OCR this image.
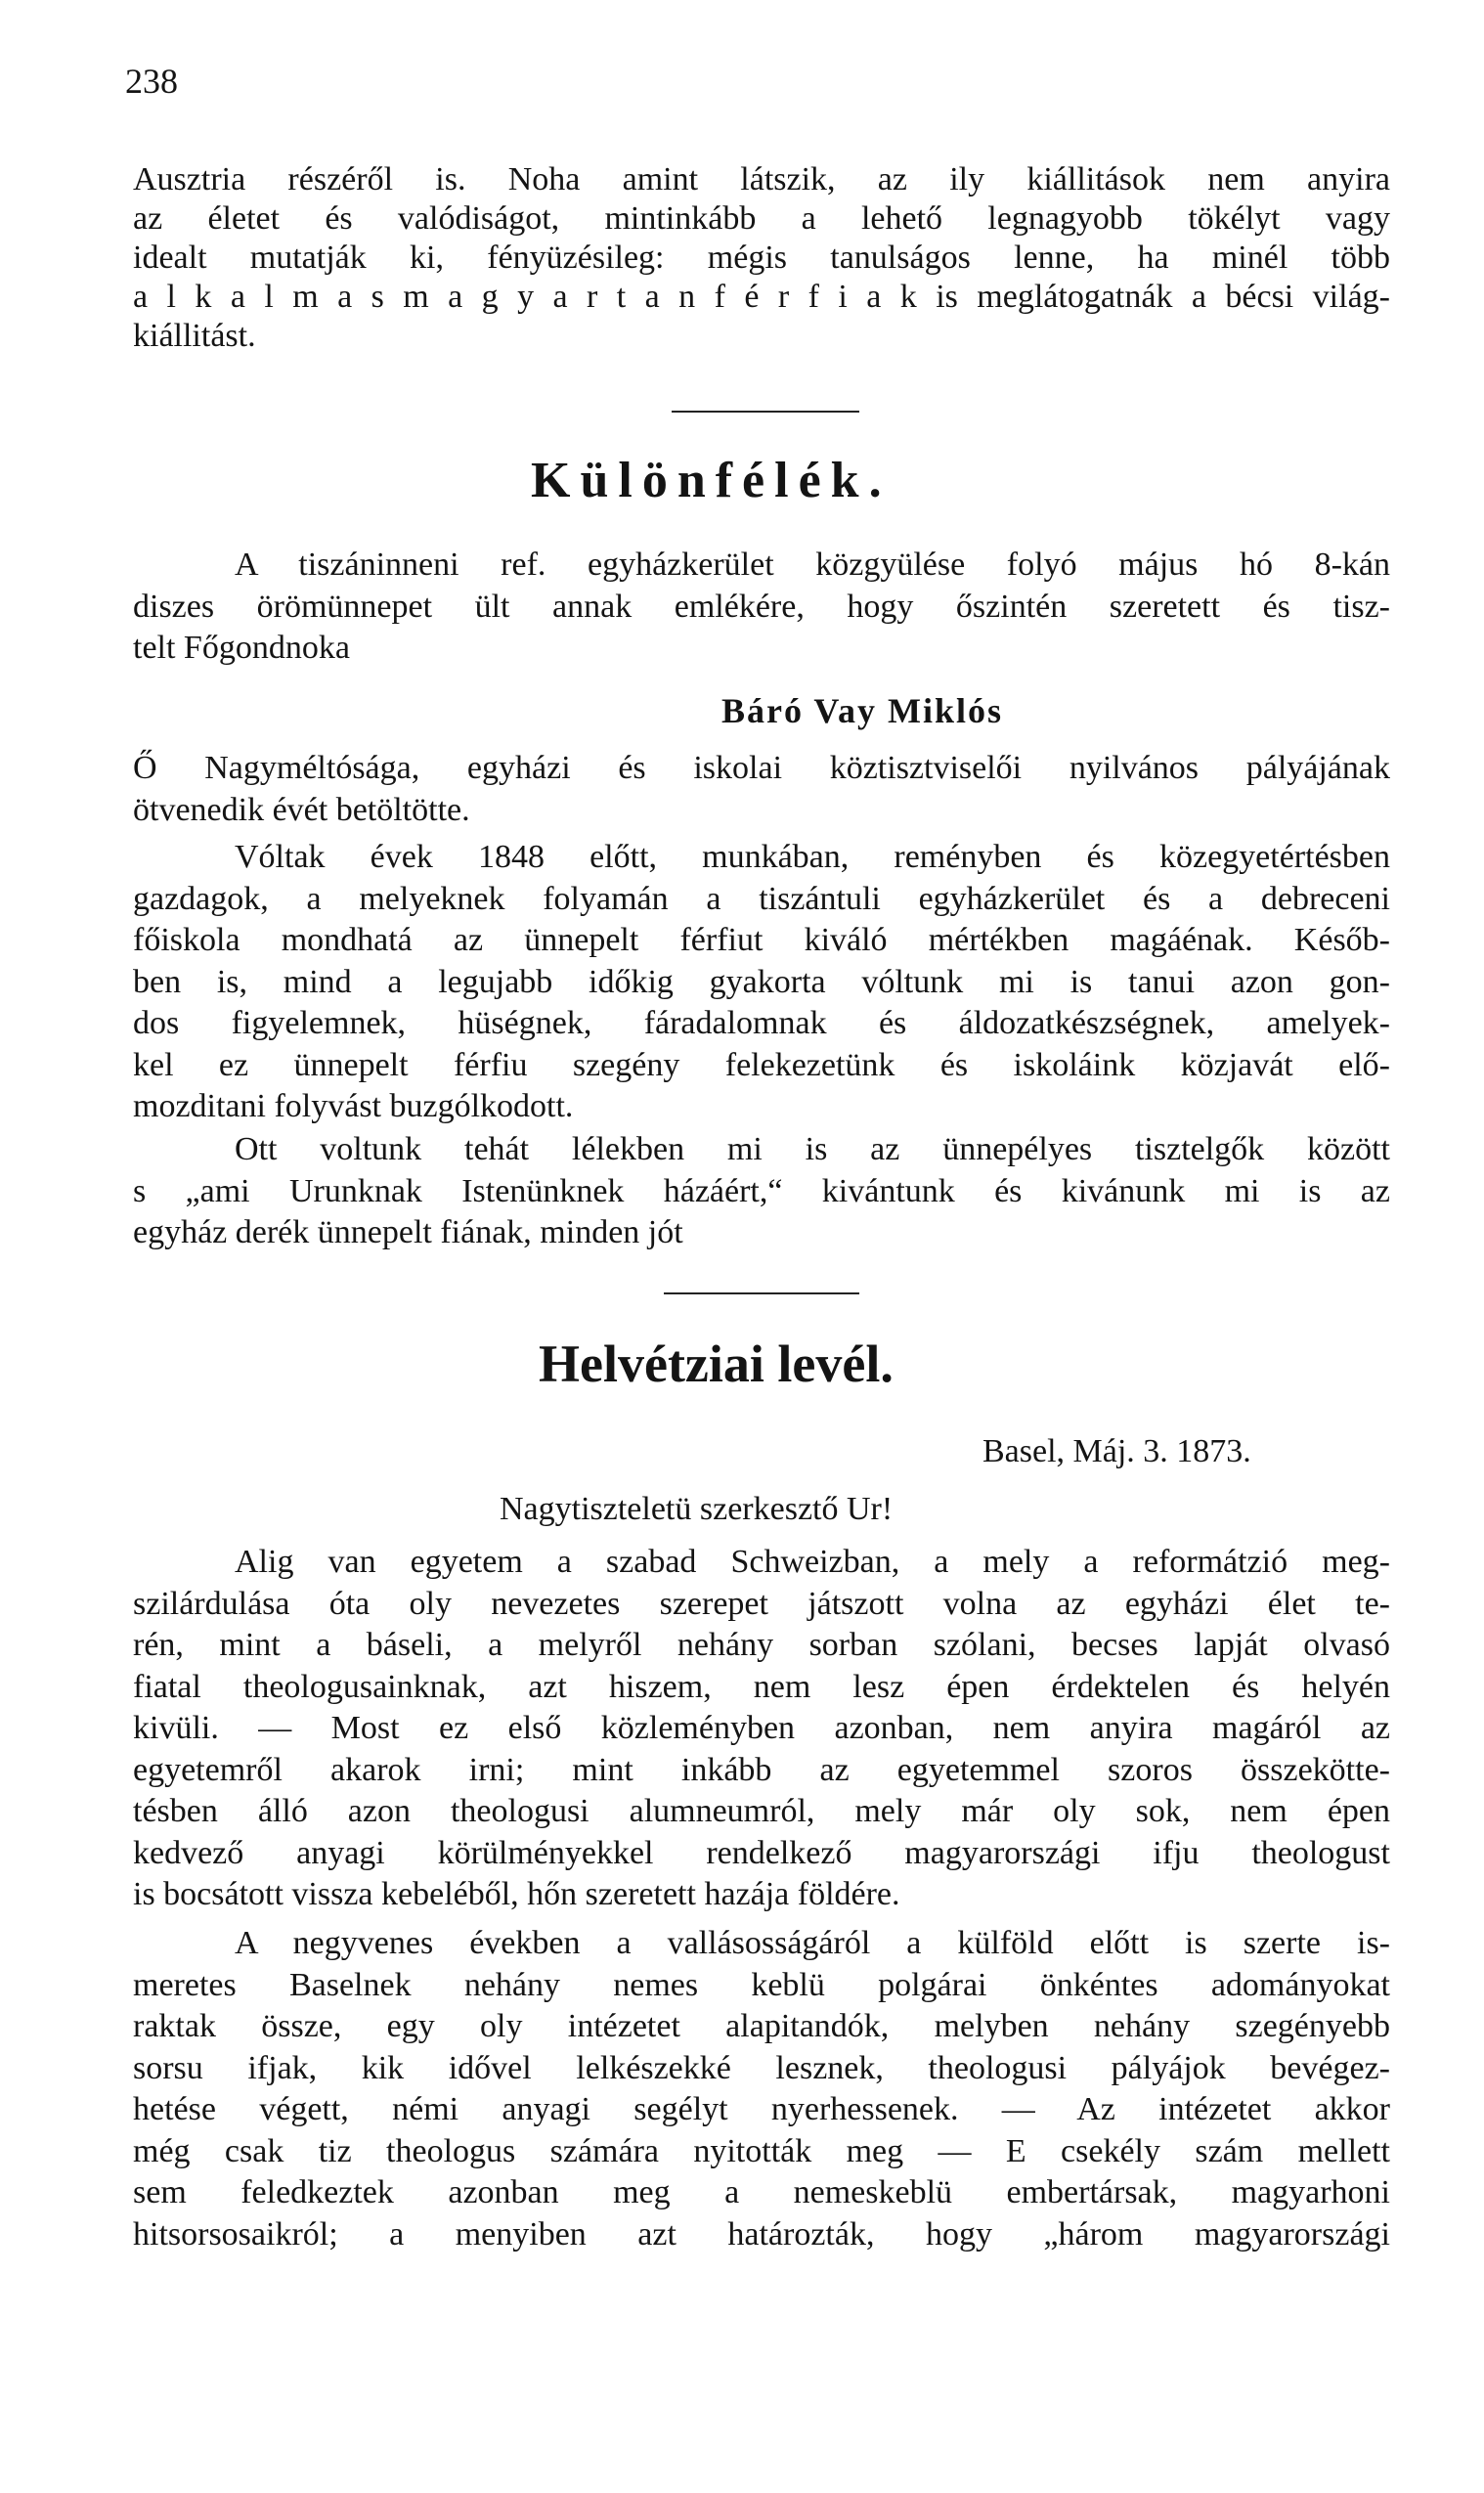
238
Ausztria részéről is. Noha amint látszik, az ily kiállitások nem anyira
az életet és valódiságot, mintinkább a lehető legnagyobb tökélyt vagy
idealt mutatják ki, fényüzésileg: mégis tanulságos lenne, ha minél több
a l k a l m a s m a g y a r t a n f é r f i a k is meglátogatnák a bécsi világ-
kiállitást.
Különfélék.
A tiszáninneni ref. egyházkerület közgyülése folyó május hó 8-kán
diszes örömünnepet ült annak emlékére, hogy őszintén szeretett és tisz-
telt Főgondnoka
Báró Vay Miklós
Ő Nagyméltósága, egyházi és iskolai köztisztviselői nyilvános pályájának
ötvenedik évét betöltötte.
Vóltak évek 1848 előtt, munkában, reményben és közegyetértésben
gazdagok, a melyeknek folyamán a tiszántuli egyházkerület és a debreceni
főiskola mondhatá az ünnepelt férfiut kiváló mértékben magáénak. Későb-
ben is, mind a legujabb időkig gyakorta vóltunk mi is tanui azon gon-
dos figyelemnek, hüségnek, fáradalomnak és áldozatkészségnek, amelyek-
kel ez ünnepelt férfiu szegény felekezetünk és iskoláink közjavát elő-
mozditani folyvást buzgólkodott.
Ott voltunk tehát lélekben mi is az ünnepélyes tisztelgők között
s „ami Urunknak Istenünknek házáért,“ kivántunk és kivánunk mi is az
egyház derék ünnepelt fiának, minden jót
Helvétziai levél.
Basel, Máj. 3. 1873.
Nagytiszteletü szerkesztő Ur!
Alig van egyetem a szabad Schweizban, a mely a reformátzió meg-
szilárdulása óta oly nevezetes szerepet játszott volna az egyházi élet te-
rén, mint a báseli, a melyről nehány sorban szólani, becses lapját olvasó
fiatal theologusainknak, azt hiszem, nem lesz épen érdektelen és helyén
kivüli. — Most ez első közleményben azonban, nem anyira magáról az
egyetemről akarok irni; mint inkább az egyetemmel szoros összekötte-
tésben álló azon theologusi alumneumról, mely már oly sok, nem épen
kedvező anyagi körülményekkel rendelkező magyarországi ifju theologust
is bocsátott vissza kebeléből, hőn szeretett hazája földére.
A negyvenes években a vallásosságáról a külföld előtt is szerte is-
meretes Baselnek nehány nemes keblü polgárai önkéntes adományokat
raktak össze, egy oly intézetet alapitandók, melyben nehány szegényebb
sorsu ifjak, kik idővel lelkészekké lesznek, theologusi pályájok bevégez-
hetése végett, némi anyagi segélyt nyerhessenek. — Az intézetet akkor
még csak tiz theologus számára nyitották meg — E csekély szám mellett
sem feledkeztek azonban meg a nemeskeblü embertársak, magyarhoni
hitsorsosaikról; a menyiben azt határozták, hogy „három magyarországi
